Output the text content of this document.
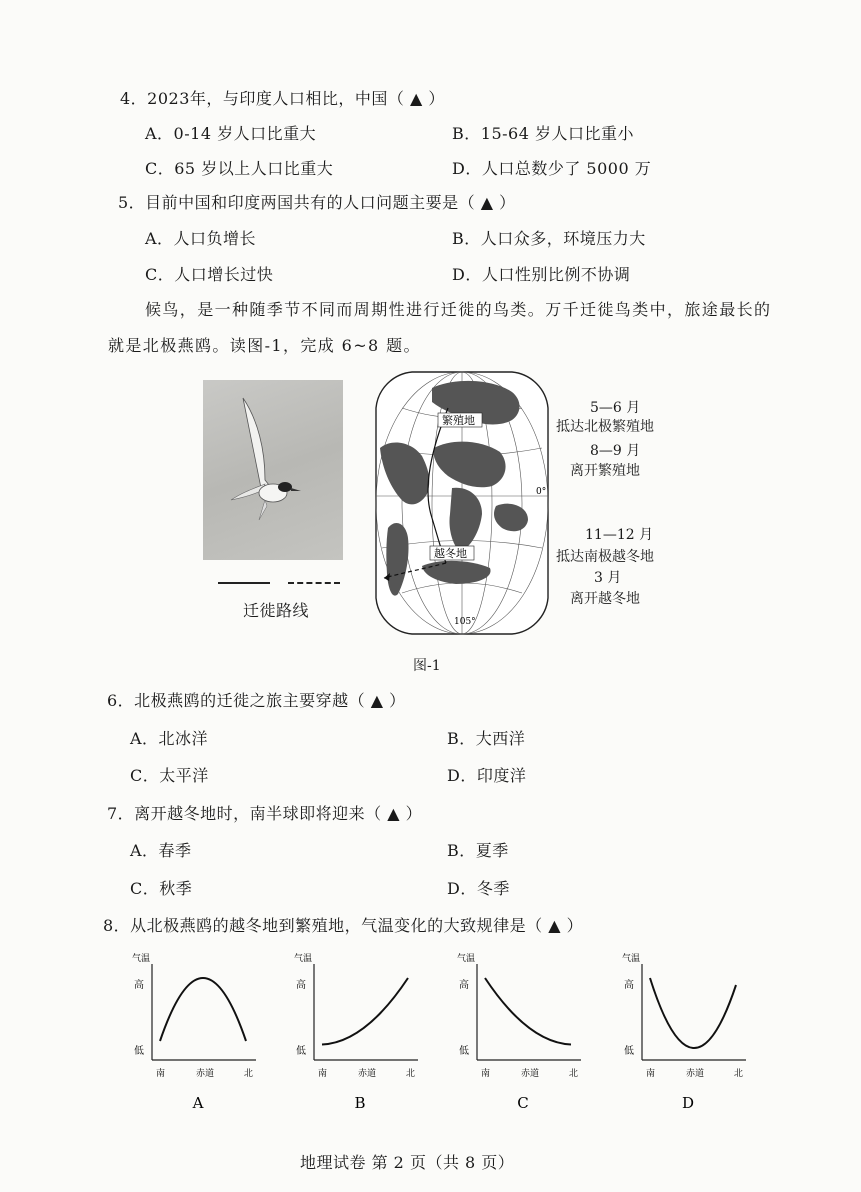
4．2023年，与印度人口相比，中国（ ▲ ）
A．0-14 岁人口比重大	B．15-64 岁人口比重小
C．65 岁以上人口比重大	D．人口总数少了 5000 万
5．目前中国和印度两国共有的人口问题主要是（ ▲ ）
A．人口负增长	B．人口众多，环境压力大
C．人口增长过快	D．人口性别比例不协调
候鸟，是一种随季节不同而周期性进行迁徙的鸟类。万千迁徙鸟类中，旅途最长的
就是北极燕鸥。读图-1，完成 6~8 题。
迁徙路线
繁殖地
越冬地
0°
105°
5—6 月
抵达北极繁殖地
8—9 月
离开繁殖地
11—12 月
抵达南极越冬地
3 月
离开越冬地
图-1
6．北极燕鸥的迁徙之旅主要穿越（ ▲ ）
A．北冰洋	B．大西洋
C．太平洋	D．印度洋
7．离开越冬地时，南半球即将迎来（ ▲ ）
A．春季	B．夏季
C．秋季	D．冬季
8．从北极燕鸥的越冬地到繁殖地，气温变化的大致规律是（ ▲ ）
气温
高
低
南	赤道	北
A
气温
高
低
南	赤道	北
B
气温
高
低
南	赤道	北
C
气温
高
低
南	赤道	北
D
地理试卷 第 2 页（共 8 页）
